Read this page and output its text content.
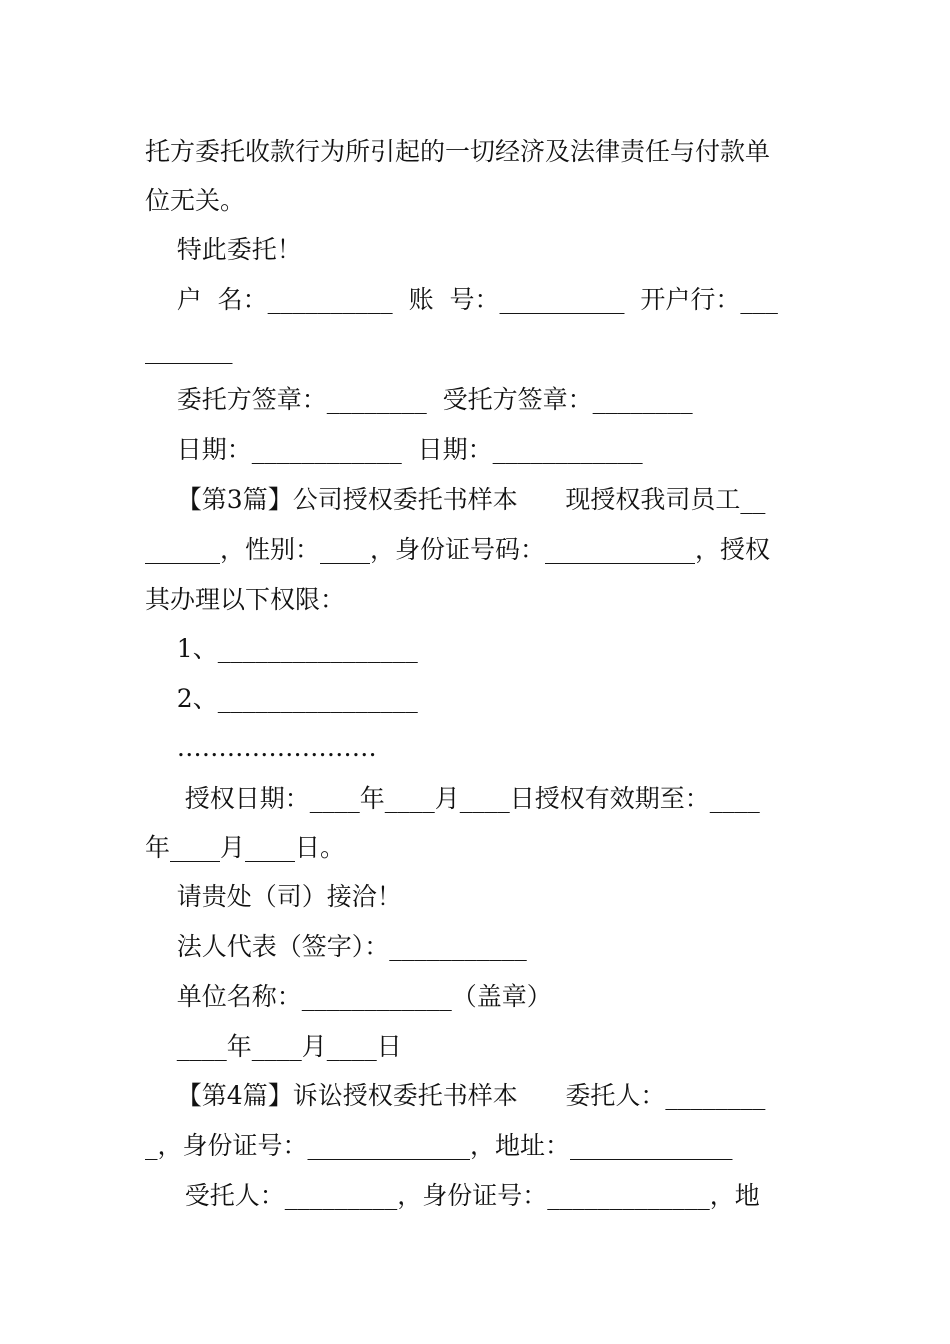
托方委托收款行为所引起的一切经济及法律责任与付款单

位无关。

特此委托！

户  名：__________  账  号：__________  开户行：___

_______

委托方签章：________  受托方签章：________

日期：____________  日期：____________

【第3篇】公司授权委托书样本      现授权我司员工__

______，性别：____，身份证号码：____________，授权

其办理以下权限：

1、________________

2、________________

……………………

授权日期：____年____月____日授权有效期至：____

年____月____日。

请贵处（司）接洽！

法人代表（签字）：___________

单位名称：____________（盖章）

____年____月____日

【第4篇】诉讼授权委托书样本      委托人：________

_，身份证号：_____________，地址：_____________

受托人：_________，身份证号：_____________，地
